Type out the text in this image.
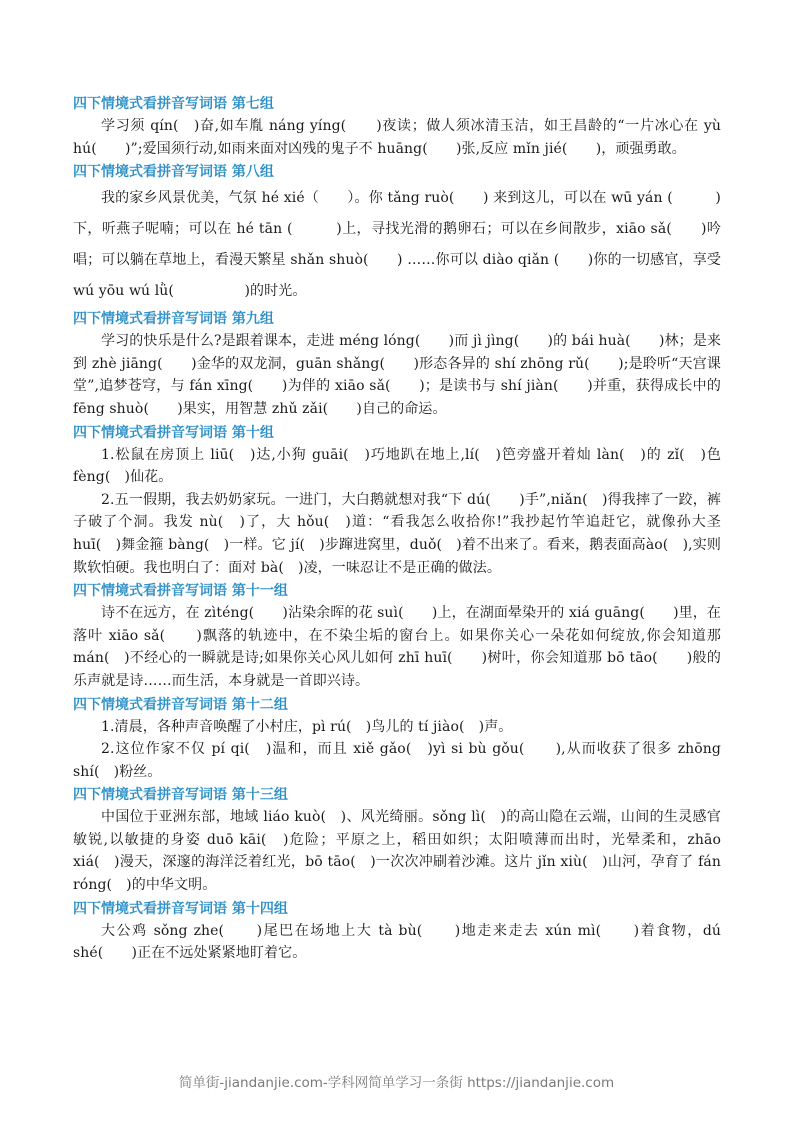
四下情境式看拼音写词语 第七组

学习须 qín(　)奋,如车胤 náng yíng(　　)夜读；做人须冰清玉洁，如王昌龄的“一片冰心在 yù hú(　　)”;爱国须行动,如雨来面对凶残的鬼子不 huāng(　　)张,反应 mǐn jié(　　)，顽强勇敢。

四下情境式看拼音写词语 第八组

我的家乡风景优美，气氛 hé xié（　　）。你 tǎng ruò(　　) 来到这儿，可以在 wū yán (　　　)下，听燕子呢喃；可以在 hé tān (　　　)上，寻找光滑的鹅卵石；可以在乡间散步，xiāo sǎ(　　)吟唱；可以躺在草地上，看漫天繁星 shǎn shuò(　　) ……你可以 diào qiǎn (　　)你的一切感官，享受 wú yōu wú lǜ(　　　　　)的时光。

四下情境式看拼音写词语 第九组

学习的快乐是什么?是跟着课本，走进 méng lóng(　　)而 jì jìng(　　)的 bái huà(　　)林；是来到 zhè jiāng(　　)金华的双龙洞，guān shǎng(　　)形态各异的 shí zhōng rǔ(　　);是聆听“天宫课堂”,追梦苍穹，与 fán xīng(　　)为伴的 xiāo sǎ(　　)；是读书与 shí jiàn(　　)并重，获得成长中的 fēng shuò(　　)果实，用智慧 zhǔ zǎi(　　)自己的命运。

四下情境式看拼音写词语 第十组

1.松鼠在房顶上 liū(　)达,小狗 guāi(　)巧地趴在地上,lí(　)笆旁盛开着灿 làn(　)的 zǐ(　)色 fèng(　)仙花。

2.五一假期，我去奶奶家玩。一进门，大白鹅就想对我“下 dú(　　)手”,niǎn(　)得我摔了一跤，裤子破了个洞。我发 nù(　)了，大 hǒu(　)道：“看我怎么收拾你!”我抄起竹竿追赶它，就像孙大圣 huī(　)舞金箍 bàng(　)一样。它 jí(　)步蹿进窝里，duǒ(　)着不出来了。看来，鹅表面高ào(　),实则欺软怕硬。我也明白了：面对 bà(　)凌，一味忍让不是正确的做法。

四下情境式看拼音写词语 第十一组

诗不在远方，在 zìténg(　　)沾染余晖的花 suì(　　)上，在湖面晕染开的 xiá guāng(　　)里，在落叶 xiāo sǎ(　　)飘落的轨迹中，在不染尘垢的窗台上。如果你关心一朵花如何绽放,你会知道那 mán(　)不经心的一瞬就是诗;如果你关心风儿如何 zhī huī(　　)树叶，你会知道那 bō tāo(　　)般的乐声就是诗……而生活，本身就是一首即兴诗。

四下情境式看拼音写词语 第十二组

1.清晨，各种声音唤醒了小村庄，pì rú(　)鸟儿的 tí jiào(　)声。

2.这位作家不仅 pí qi(　)温和，而且 xiě gǎo(　)yì si bù gǒu(　　),从而收获了很多 zhōng shí(　)粉丝。

四下情境式看拼音写词语 第十三组

中国位于亚洲东部，地域 liáo kuò(　)、风光绮丽。sǒng lì(　)的高山隐在云端，山间的生灵感官敏锐,以敏捷的身姿 duō kāi(　)危险；平原之上，稻田如织；太阳喷薄而出时，光晕柔和，zhāo xiá(　)漫天，深邃的海洋泛着红光，bō tāo(　)一次次冲刷着沙滩。这片 jǐn xiù(　)山河，孕育了 fán róng(　)的中华文明。

四下情境式看拼音写词语 第十四组

大公鸡 sǒng zhe(　　)尾巴在场地上大 tà bù(　　)地走来走去 xún mì(　　)着食物，dú shé(　　)正在不远处紧紧地盯着它。

简单街-jiandanjie.com-学科网简单学习一条街 https://jiandanjie.com
